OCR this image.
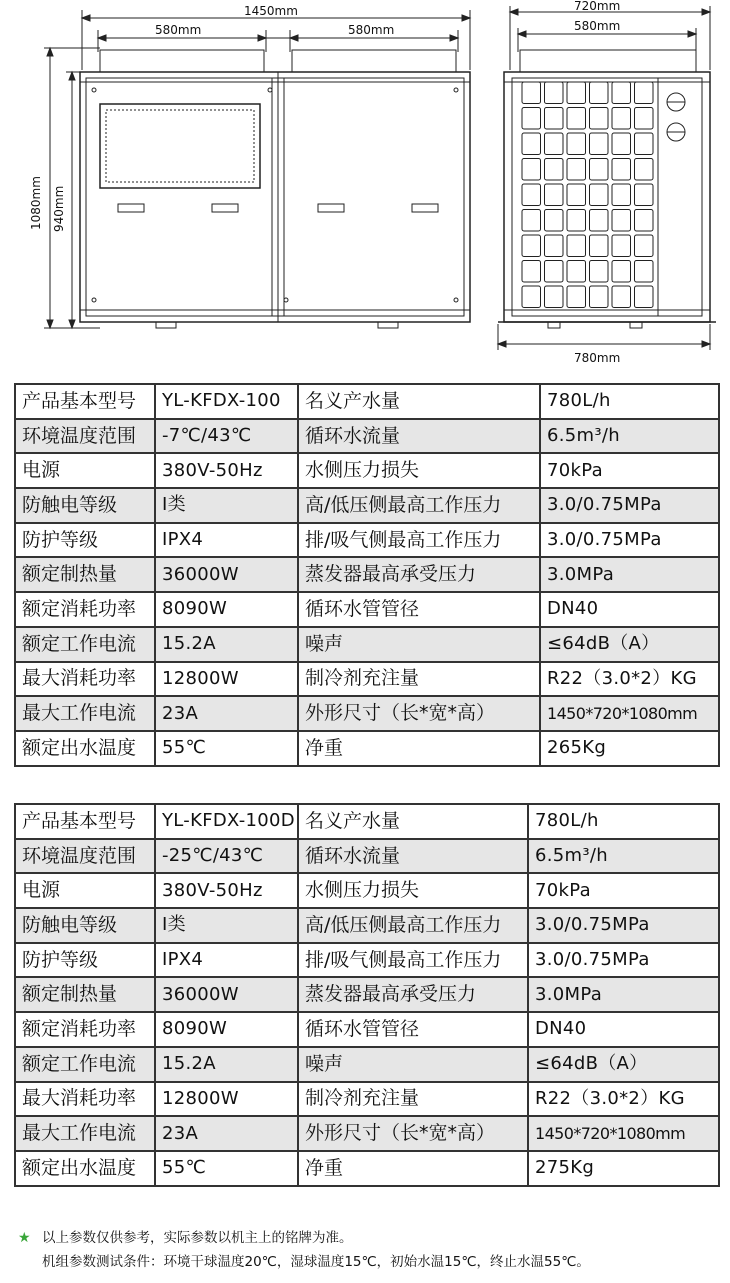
1450mm
580mm	580mm
1080mm 940mm
720mm
580mm
780mm
产品基本型号	YL-KFDX-100	名义产水量	780L/h
环境温度范围	-7℃/43℃	循环水流量	6.5m³/h
电源	380V-50Hz	水侧压力损失	70kPa
防触电等级	I类	高/低压侧最高工作压力	3.0/0.75MPa
防护等级	IPX4	排/吸气侧最高工作压力	3.0/0.75MPa
额定制热量	36000W	蒸发器最高承受压力	3.0MPa
额定消耗功率	8090W	循环水管管径	DN40
额定工作电流	15.2A	噪声	≤64dB（A）
最大消耗功率	12800W	制冷剂充注量	R22（3.0*2）KG
最大工作电流	23A	外形尺寸（长*宽*高）	1450*720*1080mm
额定出水温度	55℃	净重	265Kg
产品基本型号	YL-KFDX-100D	名义产水量	780L/h
环境温度范围	-25℃/43℃	循环水流量	6.5m³/h
电源	380V-50Hz	水侧压力损失	70kPa
防触电等级	I类	高/低压侧最高工作压力	3.0/0.75MPa
防护等级	IPX4	排/吸气侧最高工作压力	3.0/0.75MPa
额定制热量	36000W	蒸发器最高承受压力	3.0MPa
额定消耗功率	8090W	循环水管管径	DN40
额定工作电流	15.2A	噪声	≤64dB（A）
最大消耗功率	12800W	制冷剂充注量	R22（3.0*2）KG
最大工作电流	23A	外形尺寸（长*宽*高）	1450*720*1080mm
额定出水温度	55℃	净重	275Kg
★ 以上参数仅供参考，实际参数以机主上的铭牌为准。
机组参数测试条件：环境干球温度20℃，湿球温度15℃，初始水温15℃，终止水温55℃。
